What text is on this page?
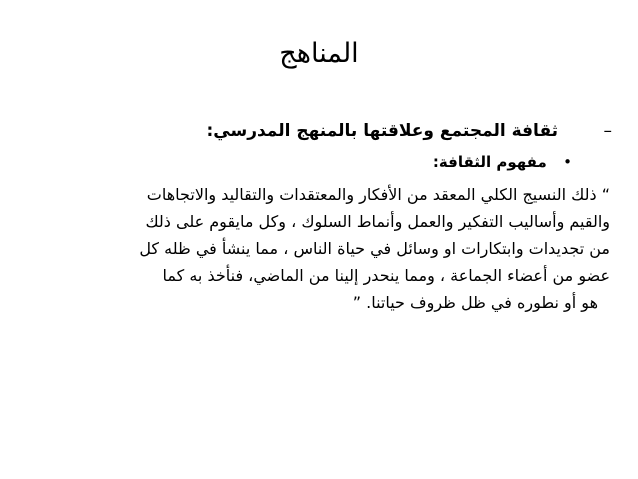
المناهج
– ثقافة المجتمع وعلاقتها بالمنهج المدرسي:
• مفهوم الثقافة:
“ ذلك النسيج الكلي المعقد من الأفكار والمعتقدات والتقاليد والاتجاهات
والقيم وأساليب التفكير والعمل وأنماط السلوك ، وكل مايقوم على ذلك
من تجديدات وابتكارات او وسائل في حياة الناس ، مما ينشأ في ظله كل
عضو من أعضاء الجماعة ، ومما ينحدر إلينا من الماضي، فنأخذ به كما
هو أو نطوره في ظل ظروف حياتنا. ”
